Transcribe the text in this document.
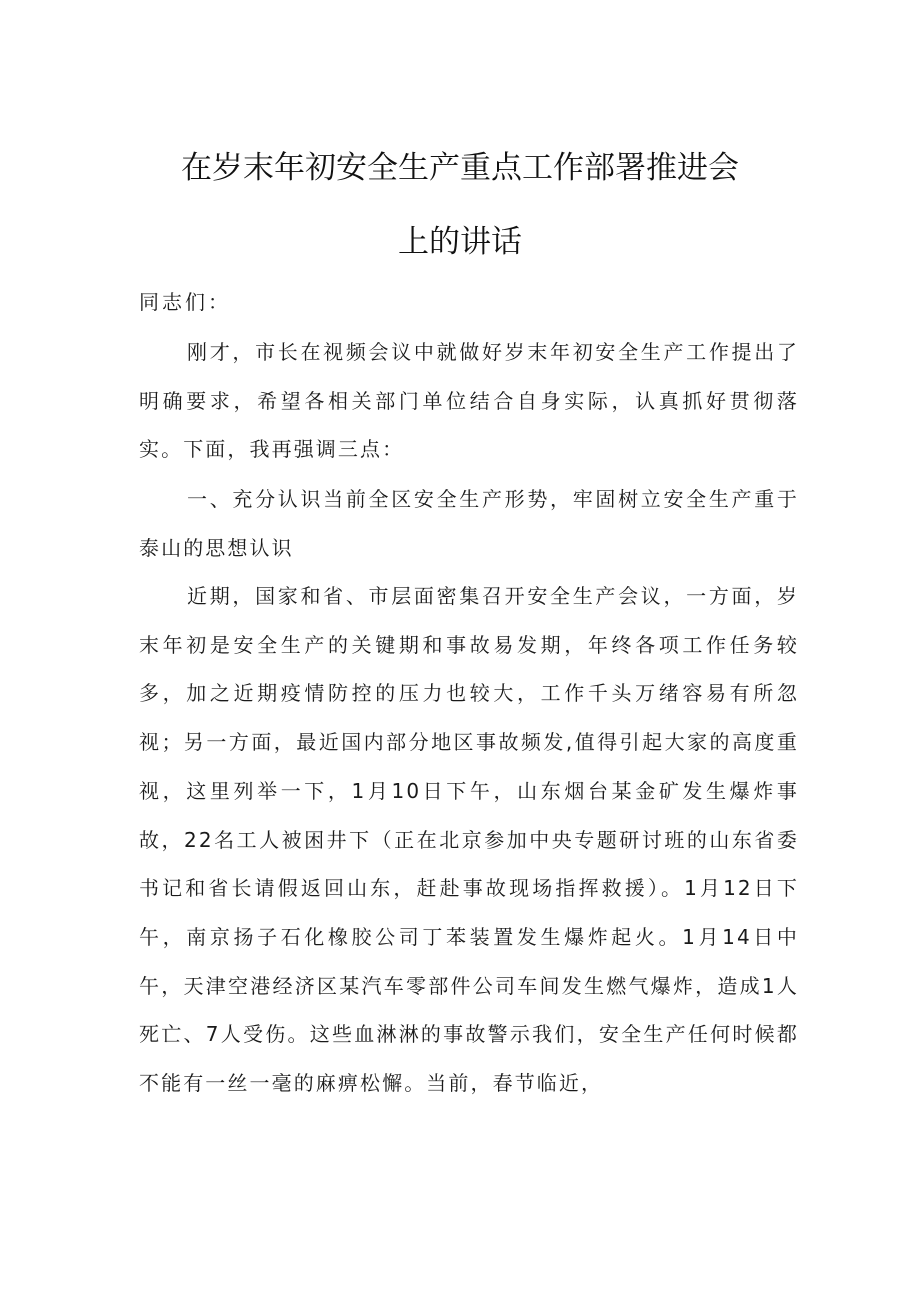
在岁末年初安全生产重点工作部署推进会
上的讲话
同志们：

刚才，市长在视频会议中就做好岁末年初安全生产工作提出了明确要求，希望各相关部门单位结合自身实际，认真抓好贯彻落实。下面，我再强调三点：

一、充分认识当前全区安全生产形势，牢固树立安全生产重于泰山的思想认识

近期，国家和省、市层面密集召开安全生产会议，一方面，岁末年初是安全生产的关键期和事故易发期，年终各项工作任务较多，加之近期疫情防控的压力也较大，工作千头万绪容易有所忽视；另一方面，最近国内部分地区事故频发,值得引起大家的高度重视，这里列举一下，1月10日下午，山东烟台某金矿发生爆炸事故，22名工人被困井下（正在北京参加中央专题研讨班的山东省委书记和省长请假返回山东，赶赴事故现场指挥救援）。1月12日下午，南京扬子石化橡胶公司丁苯装置发生爆炸起火。1月14日中午，天津空港经济区某汽车零部件公司车间发生燃气爆炸，造成1人死亡、7人受伤。这些血淋淋的事故警示我们，安全生产任何时候都不能有一丝一毫的麻痹松懈。当前，春节临近，
